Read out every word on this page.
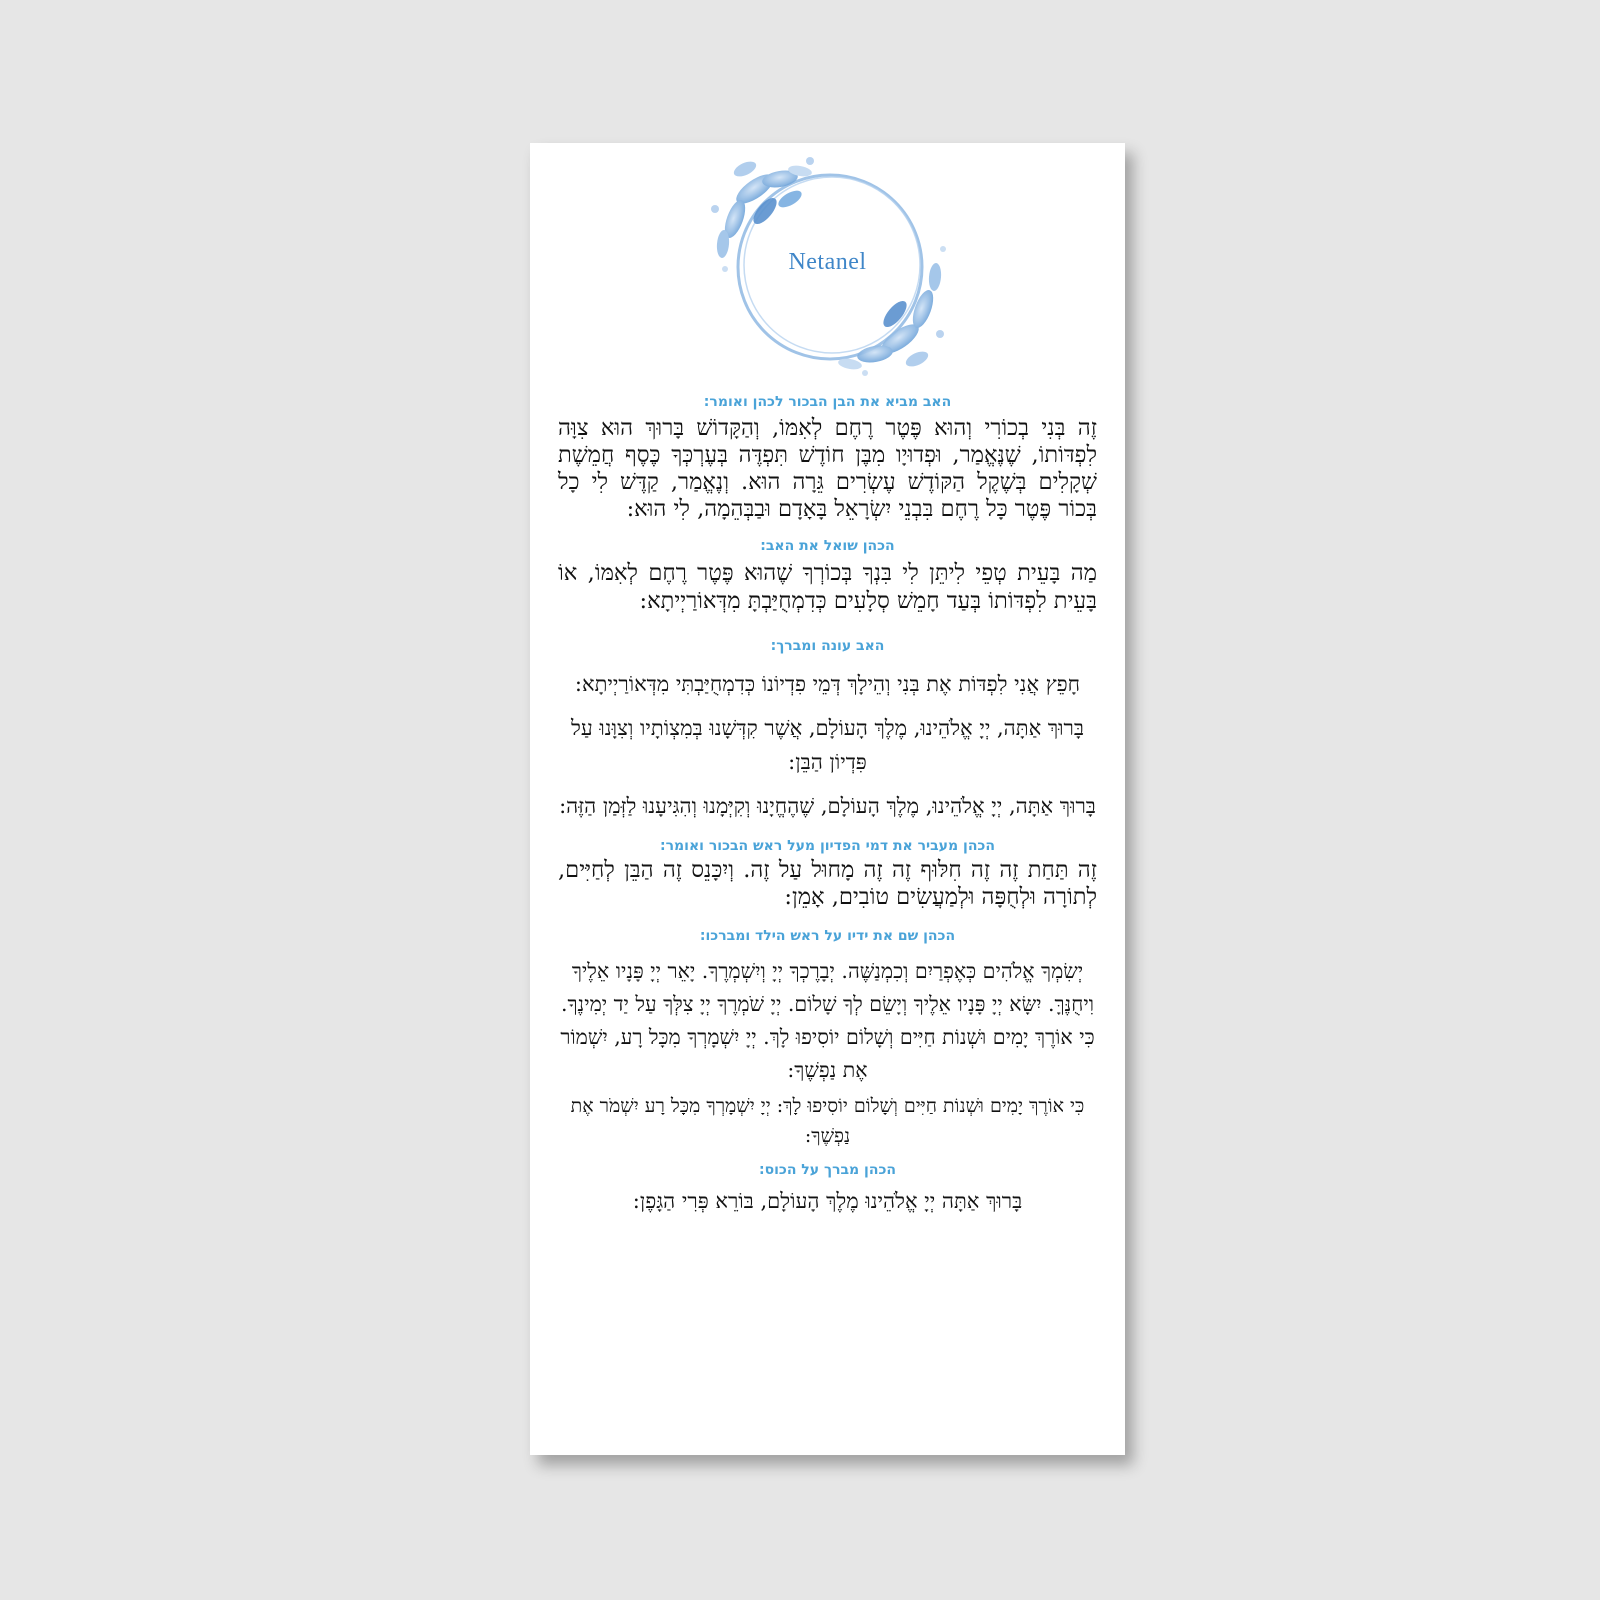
Netanel

האב מביא את הבן הבכור לכהן ואומר:

זֶה בְּנִי בְכוֹרִי וְהוּא פֶּטֶר רֶחֶם לְאִמּוֹ, וְהַקָּדוֹשׁ בָּרוּךְ הוּא צִוָּה לִפְדּוֹתוֹ, שֶׁנֶּאֱמַר, וּפְדוּיָו מִבֶּן חוֹדֶשׁ תִּפְדֶּה בְּעֶרְכְּךָ כֶּסֶף חֲמֵשֶׁת שְׁקָלִים בְּשֶׁקֶל הַקּוֹדֶשׁ עֶשְׂרִים גֵּרָה הוּא. וְנֶאֱמַר, קַדֶּשׁ לִי כָל בְּכוֹר פֶּטֶר כָּל רֶחֶם בִּבְנֵי יִשְׂרָאֵל בָּאָדָם וּבַבְּהֵמָה, לִי הוּא:

הכהן שואל את האב:

מַה בָּעֵית טְפֵי לִיתֵּן לִי בִּנְךָ בְּכוֹרְךָ שֶׁהוּא פֶּטֶר רֶחֶם לְאִמּוֹ, אוֹ בָּעֵית לִפְדּוֹתוֹ בְּעַד חָמֵשׁ סְלָעִים כְּדִמְחֻיַּבְתָּ מִדְּאוֹרַיְיתָא:

האב עונה ומברך:

חָפֵץ אֲנִי לִפְדּוֹת אֶת בְּנִי וְהֵילָךְ דְּמֵי פִדְיוֹנוֹ כְּדִמְחֻיַּבְתִּי מִדְּאוֹרַיְיתָא:

בָּרוּךְ אַתָּה, יְיָ אֱלֹהֵינוּ, מֶלֶךְ הָעוֹלָם, אֲשֶׁר קִדְּשָׁנוּ בְּמִצְוֹתָיו וְצִוָּנוּ עַל פִּדְיוֹן הַבֵּן:

בָּרוּךְ אַתָּה, יְיָ אֱלֹהֵינוּ, מֶלֶךְ הָעוֹלָם, שֶׁהֶחֱיָנוּ וְקִיְּמָנוּ וְהִגִּיעָנוּ לַזְּמַן הַזֶּה:

הכהן מעביר את דמי הפדיון מעל ראש הבכור ואומר:

זֶה תַּחַת זֶה זֶה חִלּוּף זֶה זֶה מָחוּל עַל זֶה. וְיִכָּנֵס זֶה הַבֵּן לְחַיִּים, לְתוֹרָה וּלְחֻפָּה וּלְמַעֲשִׂים טוֹבִים, אָמֵן:

הכהן שם את ידיו על ראש הילד ומברכו:

יְשִׂמְךָ אֱלֹהִים כְּאֶפְרַיִם וְכִמְנַשֶּׁה. יְבָרֶכְךָ יְיָ וְיִשְׁמְרֶךָ. יָאֵר יְיָ פָּנָיו אֵלֶיךָ וִיחֻנֶּךָּ. יִשָּׂא יְיָ פָּנָיו אֵלֶיךָ וְיָשֵׂם לְךָ שָׁלוֹם. יְיָ שֹׁמְרֶךָ יְיָ צִלְּךָ עַל יַד יְמִינֶךָ. כִּי אוֹרֶךְ יָמִים וּשְׁנוֹת חַיִּים וְשָׁלוֹם יוֹסִיפוּ לָךְ. יְיָ יִשְׁמָרְךָ מִכָּל רָע, יִשְׁמוֹר אֶת נַפְשֶׁךָ:

כִּי אוֹרֶךְ יָמִים וּשְׁנוֹת חַיִּים וְשָׁלוֹם יוֹסִיפוּ לָךְ: יְיָ יִשְׁמָרְךָ מִכָּל רָע יִשְׁמֹר אֶת נַפְשֶׁךָ:

הכהן מברך על הכוס:

בָּרוּךְ אַתָּה יְיָ אֱלֹהֵינוּ מֶלֶךְ הָעוֹלָם, בּוֹרֵא פְּרִי הַגָּפֶן:
